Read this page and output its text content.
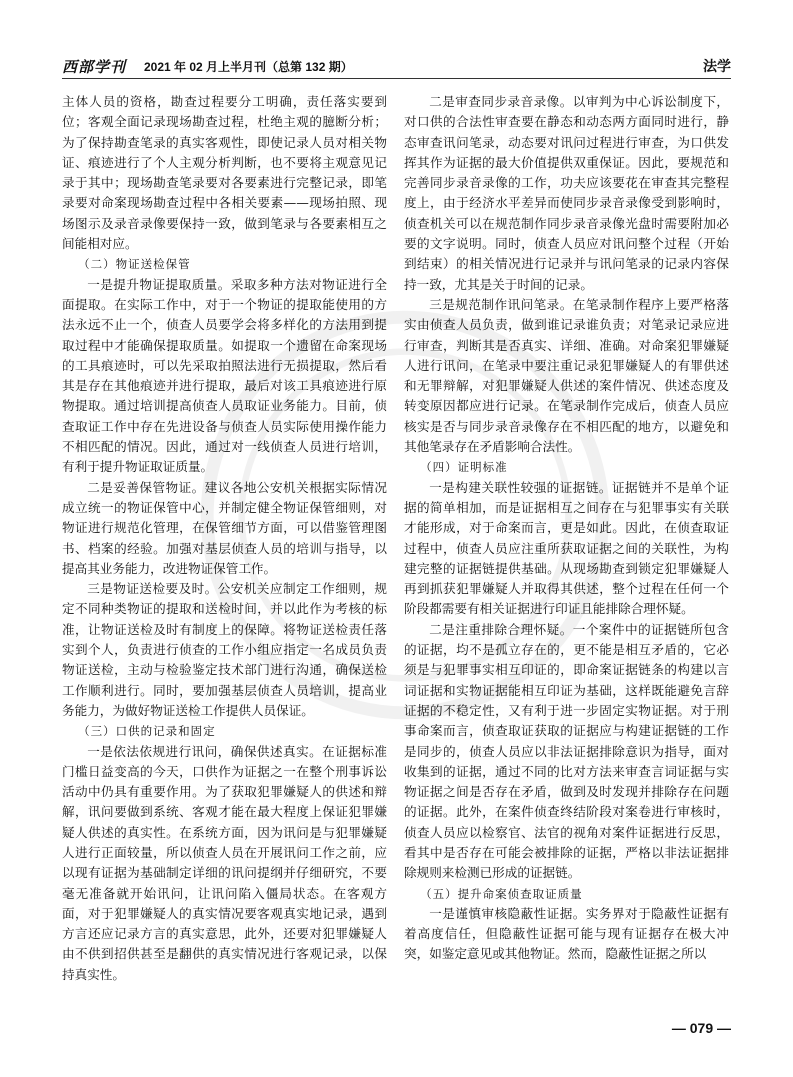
西部学刊 2021 年 02 月上半月刊（总第 132 期）	法学

主体人员的资格，勘查过程要分工明确，责任落实要到位；客观全面记录现场勘查过程，杜绝主观的臆断分析；为了保持勘查笔录的真实客观性，即使记录人员对相关物证、痕迹进行了个人主观分析判断，也不要将主观意见记录于其中；现场勘查笔录要对各要素进行完整记录，即笔录要对命案现场勘查过程中各相关要素——现场拍照、现场图示及录音录像要保持一致，做到笔录与各要素相互之间能相对应。

（二）物证送检保管

一是提升物证提取质量。采取多种方法对物证进行全面提取。在实际工作中，对于一个物证的提取能使用的方法永远不止一个，侦查人员要学会将多样化的方法用到提取过程中才能确保提取质量。如提取一个遗留在命案现场的工具痕迹时，可以先采取拍照法进行无损提取，然后看其是存在其他痕迹并进行提取，最后对该工具痕迹进行原物提取。通过培训提高侦查人员取证业务能力。目前，侦查取证工作中存在先进设备与侦查人员实际使用操作能力不相匹配的情况。因此，通过对一线侦查人员进行培训，有利于提升物证取证质量。

二是妥善保管物证。建议各地公安机关根据实际情况成立统一的物证保管中心，并制定健全物证保管细则，对物证进行规范化管理，在保管细节方面，可以借鉴管理图书、档案的经验。加强对基层侦查人员的培训与指导，以提高其业务能力，改进物证保管工作。

三是物证送检要及时。公安机关应制定工作细则，规定不同种类物证的提取和送检时间，并以此作为考核的标准，让物证送检及时有制度上的保障。将物证送检责任落实到个人，负责进行侦查的工作小组应指定一名成员负责物证送检，主动与检验鉴定技术部门进行沟通，确保送检工作顺利进行。同时，要加强基层侦查人员培训，提高业务能力，为做好物证送检工作提供人员保证。

（三）口供的记录和固定

一是依法依规进行讯问，确保供述真实。在证据标准门槛日益变高的今天，口供作为证据之一在整个刑事诉讼活动中仍具有重要作用。为了获取犯罪嫌疑人的供述和辩解，讯问要做到系统、客观才能在最大程度上保证犯罪嫌疑人供述的真实性。在系统方面，因为讯问是与犯罪嫌疑人进行正面较量，所以侦查人员在开展讯问工作之前，应以现有证据为基础制定详细的讯问提纲并仔细研究，不要毫无准备就开始讯问，让讯问陷入僵局状态。在客观方面，对于犯罪嫌疑人的真实情况要客观真实地记录，遇到方言还应记录方言的真实意思，此外，还要对犯罪嫌疑人由不供到招供甚至是翻供的真实情况进行客观记录，以保持真实性。

二是审查同步录音录像。以审判为中心诉讼制度下，对口供的合法性审查要在静态和动态两方面同时进行，静态审查讯问笔录，动态要对讯问过程进行审查，为口供发挥其作为证据的最大价值提供双重保证。因此，要规范和完善同步录音录像的工作，功夫应该要花在审查其完整程度上，由于经济水平差异而使同步录音录像受到影响时，侦查机关可以在规范制作同步录音录像光盘时需要附加必要的文字说明。同时，侦查人员应对讯问整个过程（开始到结束）的相关情况进行记录并与讯问笔录的记录内容保持一致，尤其是关于时间的记录。

三是规范制作讯问笔录。在笔录制作程序上要严格落实由侦查人员负责，做到谁记录谁负责；对笔录记录应进行审查，判断其是否真实、详细、准确。对命案犯罪嫌疑人进行讯问，在笔录中要注重记录犯罪嫌疑人的有罪供述和无罪辩解，对犯罪嫌疑人供述的案件情况、供述态度及转变原因都应进行记录。在笔录制作完成后，侦查人员应核实是否与同步录音录像存在不相匹配的地方，以避免和其他笔录存在矛盾影响合法性。

（四）证明标准

一是构建关联性较强的证据链。证据链并不是单个证据的简单相加，而是证据相互之间存在与犯罪事实有关联才能形成，对于命案而言，更是如此。因此，在侦查取证过程中，侦查人员应注重所获取证据之间的关联性，为构建完整的证据链提供基础。从现场勘查到锁定犯罪嫌疑人再到抓获犯罪嫌疑人并取得其供述，整个过程在任何一个阶段都需要有相关证据进行印证且能排除合理怀疑。

二是注重排除合理怀疑。一个案件中的证据链所包含的证据，均不是孤立存在的，更不能是相互矛盾的，它必须是与犯罪事实相互印证的，即命案证据链条的构建以言词证据和实物证据能相互印证为基础，这样既能避免言辞证据的不稳定性，又有利于进一步固定实物证据。对于刑事命案而言，侦查取证获取的证据应与构建证据链的工作是同步的，侦查人员应以非法证据排除意识为指导，面对收集到的证据，通过不同的比对方法来审查言词证据与实物证据之间是否存在矛盾，做到及时发现并排除存在问题的证据。此外，在案件侦查终结阶段对案卷进行审核时，侦查人员应以检察官、法官的视角对案件证据进行反思，看其中是否存在可能会被排除的证据，严格以非法证据排除规则来检测已形成的证据链。

（五）提升命案侦查取证质量

一是谨慎审核隐蔽性证据。实务界对于隐蔽性证据有着高度信任，但隐蔽性证据可能与现有证据存在极大冲突，如鉴定意见或其他物证。然而，隐蔽性证据之所以

— 079 —
